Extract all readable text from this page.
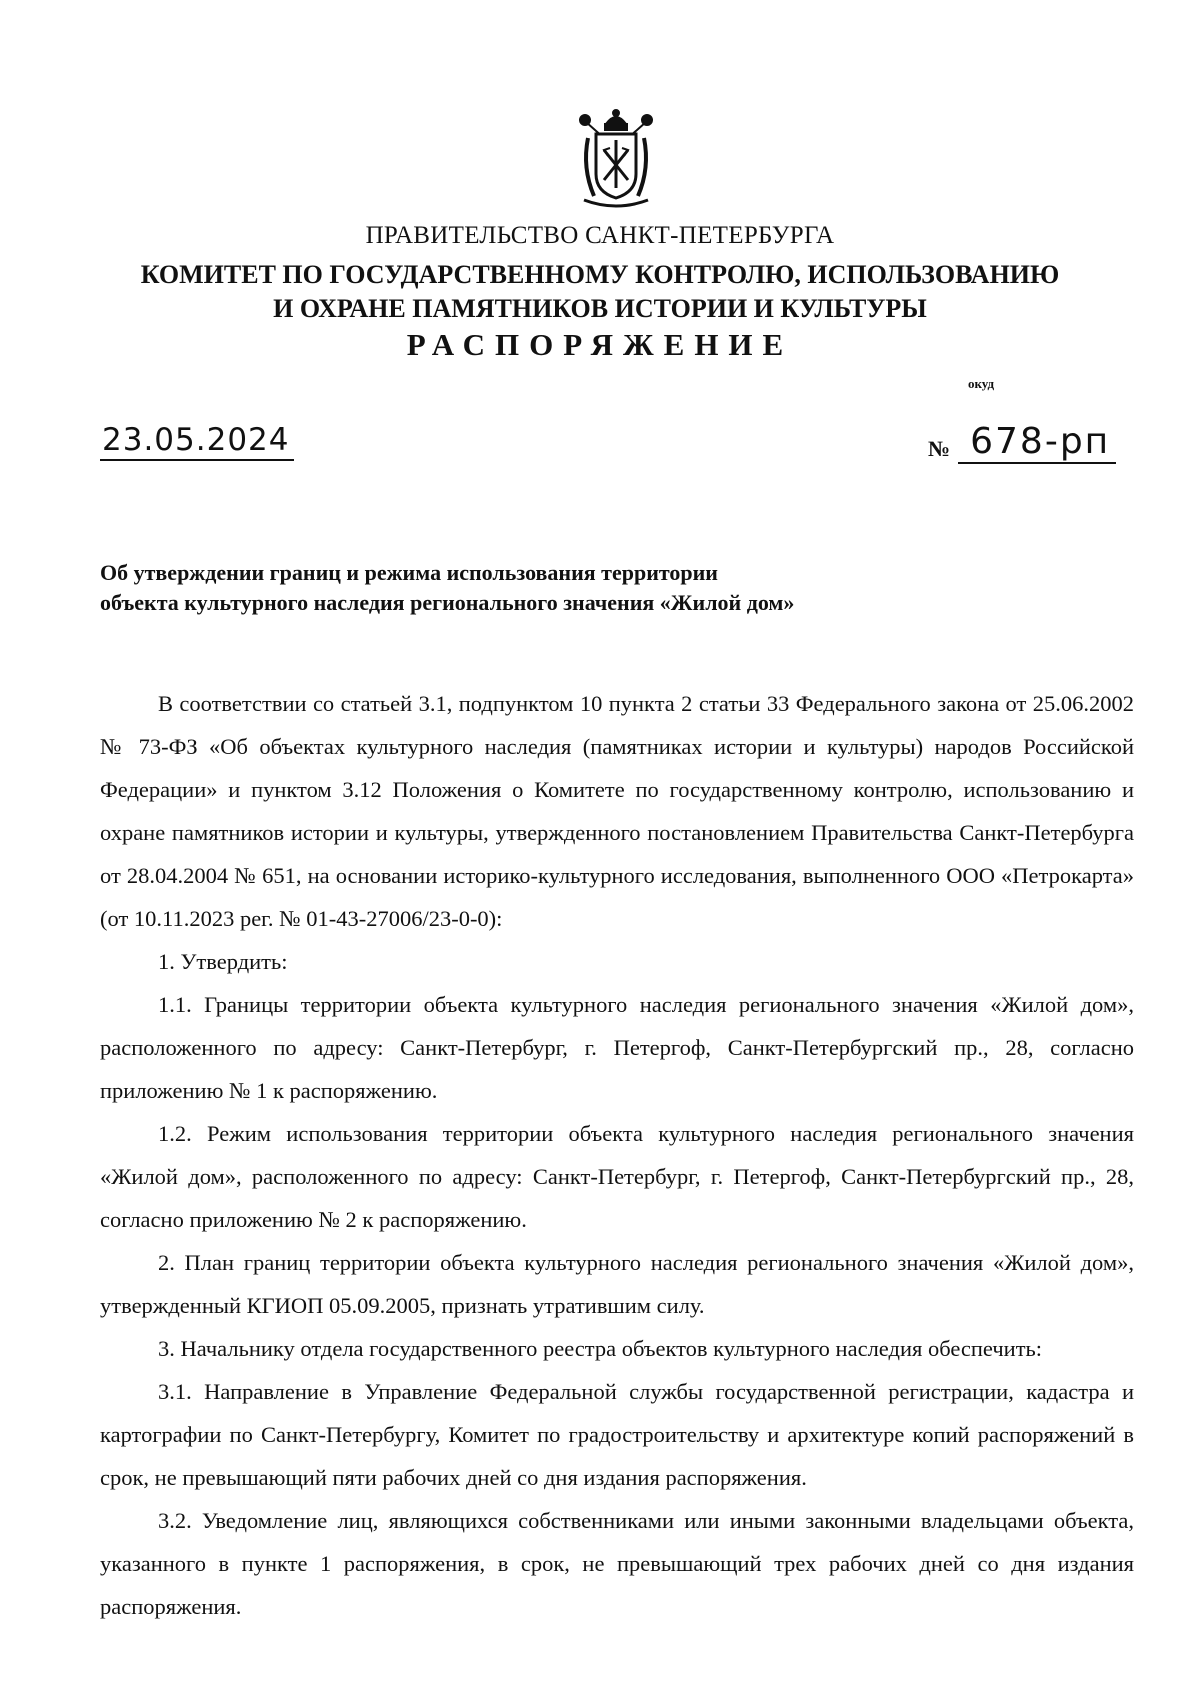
ПРАВИТЕЛЬСТВО САНКТ-ПЕТЕРБУРГА
КОМИТЕТ ПО ГОСУДАРСТВЕННОМУ КОНТРОЛЮ, ИСПОЛЬЗОВАНИЮ
И ОХРАНЕ ПАМЯТНИКОВ ИСТОРИИ И КУЛЬТУРЫ
РАСПОРЯЖЕНИЕ
окуд
23.05.2024	№ 678-рп
Об утверждении границ и режима использования территории
объекта культурного наследия регионального значения «Жилой дом»

В соответствии со статьей 3.1, подпунктом 10 пункта 2 статьи 33 Федерального закона от 25.06.2002 № 73-ФЗ «Об объектах культурного наследия (памятниках истории и культуры) народов Российской Федерации» и пунктом 3.12 Положения о Комитете по государственному контролю, использованию и охране памятников истории и культуры, утвержденного постановлением Правительства Санкт-Петербурга от 28.04.2004 № 651, на основании историко-культурного исследования, выполненного ООО «Петрокарта» (от 10.11.2023 рег. № 01-43-27006/23-0-0):

1. Утвердить:

1.1. Границы территории объекта культурного наследия регионального значения «Жилой дом», расположенного по адресу: Санкт-Петербург, г. Петергоф, Санкт-Петербургский пр., 28, согласно приложению № 1 к распоряжению.

1.2. Режим использования территории объекта культурного наследия регионального значения «Жилой дом», расположенного по адресу: Санкт-Петербург, г. Петергоф, Санкт-Петербургский пр., 28, согласно приложению № 2 к распоряжению.

2. План границ территории объекта культурного наследия регионального значения «Жилой дом», утвержденный КГИОП 05.09.2005, признать утратившим силу.

3. Начальнику отдела государственного реестра объектов культурного наследия обеспечить:

3.1. Направление в Управление Федеральной службы государственной регистрации, кадастра и картографии по Санкт-Петербургу, Комитет по градостроительству и архитектуре копий распоряжений в срок, не превышающий пяти рабочих дней со дня издания распоряжения.

3.2. Уведомление лиц, являющихся собственниками или иными законными владельцами объекта, указанного в пункте 1 распоряжения, в срок, не превышающий трех рабочих дней со дня издания распоряжения.
